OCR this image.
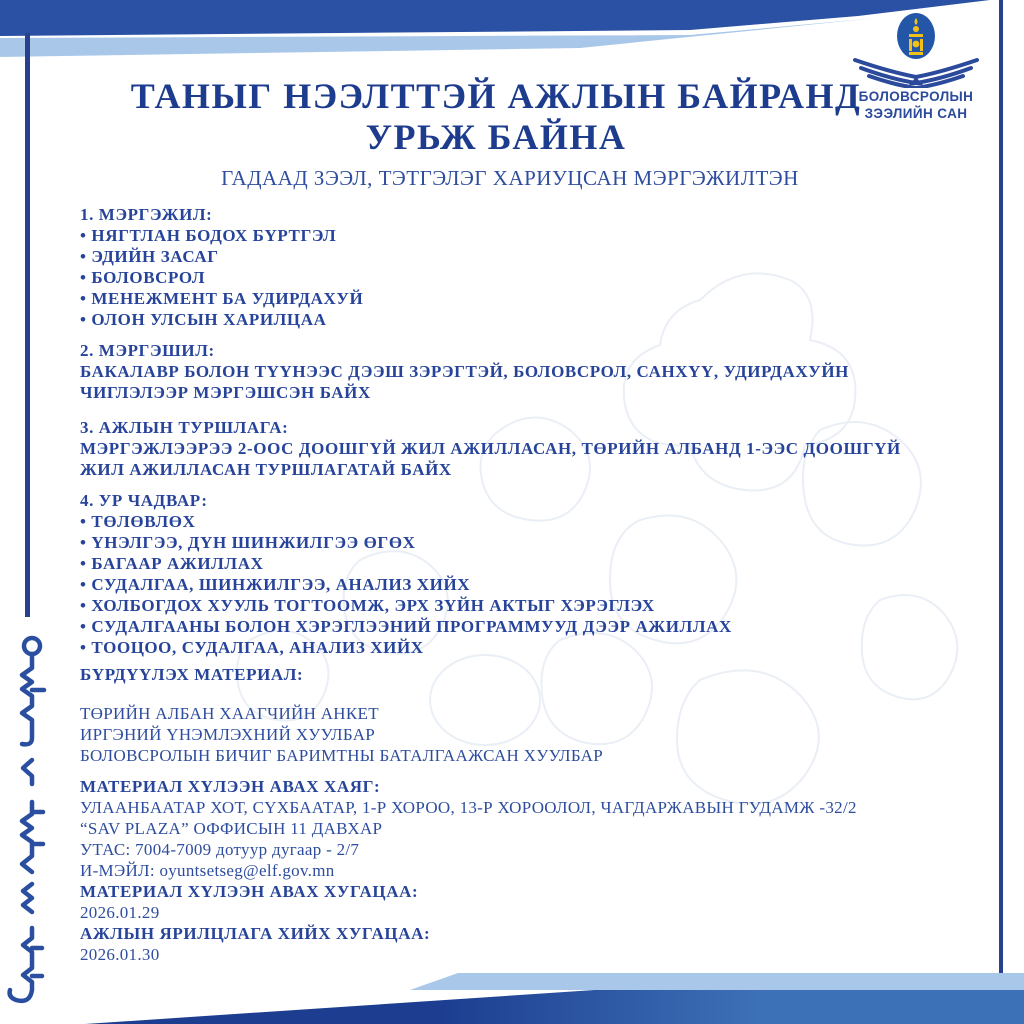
БОЛОВСРОЛЫН
ЗЭЭЛИЙН САН
ТАНЫГ НЭЭЛТТЭЙ АЖЛЫН БАЙРАНД
УРЬЖ БАЙНА
ГАДААД ЗЭЭЛ, ТЭТГЭЛЭГ ХАРИУЦСАН МЭРГЭЖИЛТЭН
1. МЭРГЭЖИЛ:
• НЯГТЛАН БОДОХ БҮРТГЭЛ
• ЭДИЙН ЗАСАГ
• БОЛОВСРОЛ
• МЕНЕЖМЕНТ БА УДИРДАХУЙ
• ОЛОН УЛСЫН ХАРИЛЦАА
2. МЭРГЭШИЛ:
БАКАЛАВР БОЛОН ТҮҮНЭЭС ДЭЭШ ЗЭРЭГТЭЙ, БОЛОВСРОЛ, САНХҮҮ, УДИРДАХУЙН ЧИГЛЭЛЭЭР МЭРГЭШСЭН БАЙХ
3. АЖЛЫН ТУРШЛАГА:
МЭРГЭЖЛЭЭРЭЭ 2-ООС ДООШГҮЙ ЖИЛ АЖИЛЛАСАН, ТӨРИЙН АЛБАНД 1-ЭЭС ДООШГҮЙ ЖИЛ АЖИЛЛАСАН ТУРШЛАГАТАЙ БАЙХ
4. УР ЧАДВАР:
• ТӨЛӨВЛӨХ
• ҮНЭЛГЭЭ, ДҮН ШИНЖИЛГЭЭ ӨГӨХ
• БАГААР АЖИЛЛАХ
• СУДАЛГАА, ШИНЖИЛГЭЭ, АНАЛИЗ ХИЙХ
• ХОЛБОГДОХ ХУУЛЬ ТОГТООМЖ, ЭРХ ЗҮЙН АКТЫГ ХЭРЭГЛЭХ
• СУДАЛГААНЫ БОЛОН ХЭРЭГЛЭЭНИЙ ПРОГРАММУУД ДЭЭР АЖИЛЛАХ
• ТООЦОО, СУДАЛГАА, АНАЛИЗ ХИЙХ
БҮРДҮҮЛЭХ МАТЕРИАЛ:
ТӨРИЙН АЛБАН ХААГЧИЙН АНКЕТ
ИРГЭНИЙ ҮНЭМЛЭХНИЙ ХУУЛБАР
БОЛОВСРОЛЫН БИЧИГ БАРИМТНЫ БАТАЛГААЖСАН ХУУЛБАР
МАТЕРИАЛ ХҮЛЭЭН АВАХ ХАЯГ:
УЛААНБААТАР ХОТ, СҮХБААТАР, 1-Р ХОРОО, 13-Р ХОРООЛОЛ, ЧАГДАРЖАВЫН ГУДАМЖ -32/2
“SAV PLAZA” ОФФИСЫН 11 ДАВХАР
УТАС: 7004-7009 дотуур дугаар - 2/7
И-МЭЙЛ: oyuntsetseg@elf.gov.mn
МАТЕРИАЛ ХҮЛЭЭН АВАХ ХУГАЦАА:
2026.01.29
АЖЛЫН ЯРИЛЦЛАГА ХИЙХ ХУГАЦАА:
2026.01.30
